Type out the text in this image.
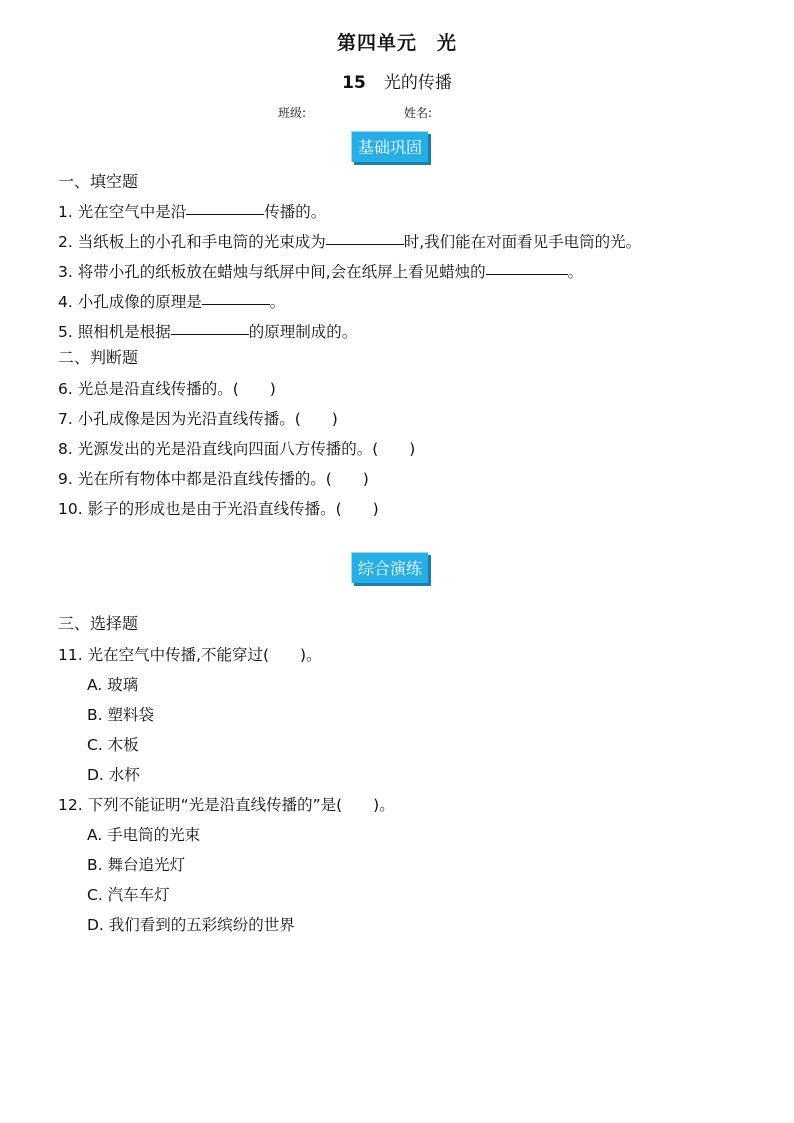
第四单元　光
15 光的传播
班级:	姓名:
基础巩固
一、填空题
1. 光在空气中是沿	传播的。
2. 当纸板上的小孔和手电筒的光束成为	时,我们能在对面看见手电筒的光。
3. 将带小孔的纸板放在蜡烛与纸屏中间,会在纸屏上看见蜡烛的	。
4. 小孔成像的原理是	。
5. 照相机是根据	的原理制成的。
二、判断题
6. 光总是沿直线传播的。(　　)
7. 小孔成像是因为光沿直线传播。(　　)
8. 光源发出的光是沿直线向四面八方传播的。(　　)
9. 光在所有物体中都是沿直线传播的。(　　)
10. 影子的形成也是由于光沿直线传播。(　　)
综合演练
三、选择题
11. 光在空气中传播,不能穿过(　　)。
A. 玻璃
B. 塑料袋
C. 木板
D. 水杯
12. 下列不能证明“光是沿直线传播的”是(　　)。
A. 手电筒的光束
B. 舞台追光灯
C. 汽车车灯
D. 我们看到的五彩缤纷的世界
